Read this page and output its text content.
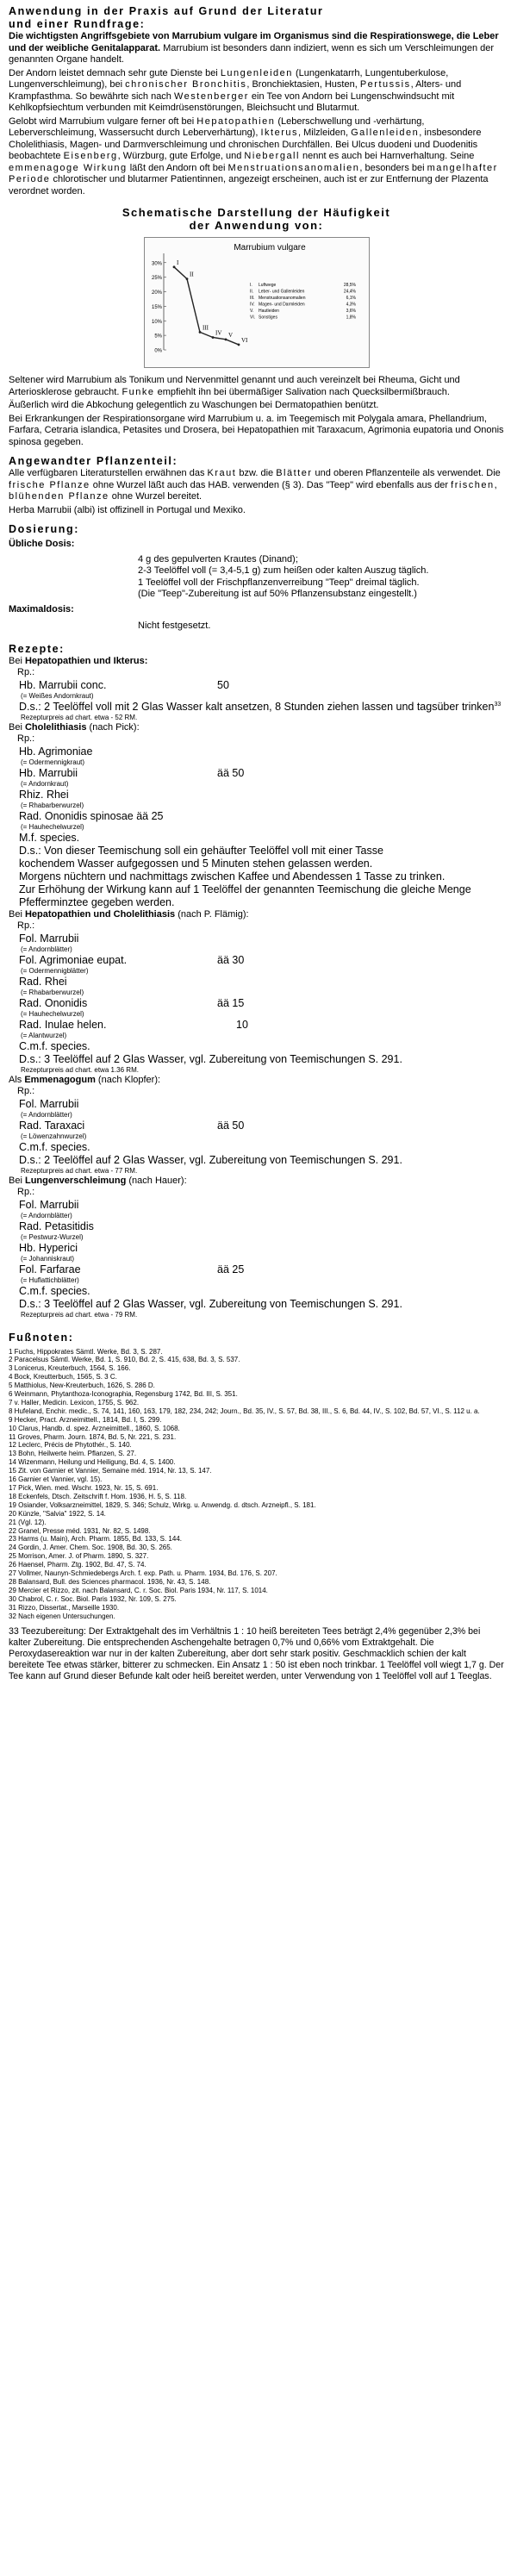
Anwendung in der Praxis auf Grund der Literatur
und einer Rundfrage:

Die wichtigsten Angriffsgebiete von Marrubium vulgare im Organismus sind die Respirationswege, die Leber und der weibliche Genitalapparat. Marrubium ist besonders dann indiziert, wenn es sich um Verschleimungen der genannten Organe handelt.

Der Andorn leistet demnach sehr gute Dienste bei Lungenleiden (Lungenkatarrh, Lungentuberkulose, Lungenverschleimung), bei chronischer Bronchitis, Bronchiektasien, Husten, Pertussis, Alters- und Krampfasthma. So bewährte sich nach Westenberger ein Tee von Andorn bei Lungenschwindsucht mit Kehlkopfsiechtum verbunden mit Keimdrüsenstörungen, Bleichsucht und Blutarmut.

Gelobt wird Marrubium vulgare ferner oft bei Hepatopathien (Leberschwellung und -verhärtung, Leberverschleimung, Wassersucht durch Leberverhärtung), Ikterus, Milzleiden, Gallenleiden, insbesondere Cholelithiasis, Magen- und Darmverschleimung und chronischen Durchfällen. Bei Ulcus duodeni und Duodenitis beobachtete Eisenberg, Würzburg, gute Erfolge, und Niebergall nennt es auch bei Harnverhaltung. Seine emmenagoge Wirkung läßt den Andorn oft bei Menstruationsanomalien, besonders bei mangelhafter Periode chlorotischer und blutarmer Patientinnen, angezeigt erscheinen, auch ist er zur Entfernung der Plazenta verordnet worden.

Schematische Darstellung der Häufigkeit
der Anwendung von:
Marrubium vulgare
30%
25%
20%
15%
10%
5%
0%
I
II
III
IV V
VI
I. Luftwege	28,5%
II. Leber- und Gallenleiden	24,4%
III. Menstruationsanomalien	6,1%
IV. Magen- und Darmleiden	4,3%
V. Hautleiden	3,6%
VI. Sonstiges	1,8%

Seltener wird Marrubium als Tonikum und Nervenmittel genannt und auch vereinzelt bei Rheuma, Gicht und Arteriosklerose gebraucht. Funke empfiehlt ihn bei übermäßiger Salivation nach Quecksilbermißbrauch.

Äußerlich wird die Abkochung gelegentlich zu Waschungen bei Dermatopathien benützt.

Bei Erkrankungen der Respirationsorgane wird Marrubium u. a. im Teegemisch mit Polygala amara, Phellandrium, Farfara, Cetraria islandica, Petasites und Drosera, bei Hepatopathien mit Taraxacum, Agrimonia eupatoria und Ononis spinosa gegeben.

Angewandter Pflanzenteil:

Alle verfügbaren Literaturstellen erwähnen das Kraut bzw. die Blätter und oberen Pflanzenteile als verwendet. Die frische Pflanze ohne Wurzel läßt auch das HAB. verwenden (§ 3). Das "Teep" wird ebenfalls aus der frischen, blühenden Pflanze ohne Wurzel bereitet.

Herba Marrubii (albi) ist offizinell in Portugal und Mexiko.

Dosierung:
Übliche Dosis:
4 g des gepulverten Krautes (Dinand);
2-3 Teelöffel voll (= 3,4-5,1 g) zum heißen oder kalten Auszug täglich.
1 Teelöffel voll der Frischpflanzenverreibung "Teep" dreimal täglich.
(Die "Teep"-Zubereitung ist auf 50% Pflanzensubstanz eingestellt.)
Maximaldosis:
Nicht festgesetzt.
Rezepte:
Bei Hepatopathien und Ikterus:
Rp.:
Hb. Marrubii conc.	50
(= Weißes Andornkraut)
D.s.: 2 Teelöffel voll mit 2 Glas Wasser kalt ansetzen, 8 Stunden ziehen lassen und tagsüber trinken$^{33}$
Rezepturpreis ad chart. etwa - 52 RM.
Bei Cholelithiasis (nach Pick):
Rp.:
Hb. Agrimoniae
(= Odermennigkraut)
Hb. Marrubii	ää 50
(= Andornkraut)
Rhiz. Rhei
(= Rhabarberwurzel)
Rad. Ononidis spinosae ää 25
(= Hauhechelwurzel)
M.f. species.
D.s.: Von dieser Teemischung soll ein gehäufter Teelöffel voll mit einer Tasse
kochendem Wasser aufgegossen und 5 Minuten stehen gelassen werden.
Morgens nüchtern und nachmittags zwischen Kaffee und Abendessen 1 Tasse zu trinken.
Zur Erhöhung der Wirkung kann auf 1 Teelöffel der genannten Teemischung die gleiche Menge Pfefferminztee gegeben werden.
Bei Hepatopathien und Cholelithiasis (nach P. Flämig):
Rp.:
Fol. Marrubii
(= Andornblätter)
Fol. Agrimoniae eupat.	ää 30
(= Odermennigblätter)
Rad. Rhei
(= Rhabarberwurzel)
Rad. Ononidis	ää 15
(= Hauhechelwurzel)
Rad. Inulae helen.	10
(= Alantwurzel)
C.m.f. species.
D.s.: 3 Teelöffel auf 2 Glas Wasser, vgl. Zubereitung von Teemischungen S. 291.
Rezepturpreis ad chart. etwa 1.36 RM.
Als Emmenagogum (nach Klopfer):
Rp.:
Fol. Marrubii
(= Andornblätter)
Rad. Taraxaci	ää 50
(= Löwenzahnwurzel)
C.m.f. species.
D.s.: 2 Teelöffel auf 2 Glas Wasser, vgl. Zubereitung von Teemischungen S. 291.
Rezepturpreis ad chart. etwa - 77 RM.
Bei Lungenverschleimung (nach Hauer):
Rp.:
Fol. Marrubii
(= Andornblätter)
Rad. Petasitidis
(= Pestwurz-Wurzel)
Hb. Hyperici
(= Johanniskraut)
Fol. Farfarae	ää 25
(= Huflattichblätter)
C.m.f. species.
D.s.: 3 Teelöffel auf 2 Glas Wasser, vgl. Zubereitung von Teemischungen S. 291.
Rezepturpreis ad chart. etwa - 79 RM.
Fußnoten:
1 Fuchs, Hippokrates Sämtl. Werke, Bd. 3, S. 287.
2 Paracelsus Sämtl. Werke, Bd. 1, S. 910, Bd. 2, S. 415, 638, Bd. 3, S. 537.
3 Lonicerus, Kreuterbuch, 1564, S. 166.
4 Bock, Kreutterbuch, 1565, S. 3 C.
5 Matthiolus, New-Kreuterbuch, 1626, S. 286 D.
6 Weinmann, Phytanthoza-Iconographia, Regensburg 1742, Bd. III, S. 351.
7 v. Haller, Medicin. Lexicon, 1755, S. 962.
8 Hufeland, Enchir. medic., S. 74, 141, 160, 163, 179, 182, 234, 242; Journ., Bd. 35, IV., S. 57, Bd. 38, III., S. 6, Bd. 44, IV., S. 102, Bd. 57, VI., S. 112 u. a.
9 Hecker, Pract. Arzneimittell., 1814, Bd. I, S. 299.
10 Clarus, Handb. d. spez. Arzneimittell., 1860, S. 1068.
11 Groves, Pharm. Journ. 1874, Bd. 5, Nr. 221, S. 231.
12 Leclerc, Précis de Phytothér., S. 140.
13 Bohn, Heilwerte heim. Pflanzen, S. 27.
14 Wizenmann, Heilung und Heiligung, Bd. 4, S. 1400.
15 Zit. von Garnier et Vannier, Semaine méd. 1914, Nr. 13, S. 147.
16 Garnier et Vannier, vgl. 15).
17 Pick, Wien. med. Wschr. 1923, Nr. 15, S. 691.
18 Eckenfels, Dtsch. Zeitschrift f. Hom. 1936, H. 5, S. 118.
19 Osiander, Volksarzneimittel, 1829, S. 346; Schulz, Wirkg. u. Anwendg. d. dtsch. Arzneipfl., S. 181.
20 Künzle, "Salvia" 1922, S. 14.
21 (Vgl. 12).
22 Granel, Presse méd. 1931, Nr. 82, S. 1498.
23 Harms (u. Main), Arch. Pharm. 1855, Bd. 133, S. 144.
24 Gordin, J. Amer. Chem. Soc. 1908, Bd. 30, S. 265.
25 Morrison, Amer. J. of Pharm. 1890, S. 327.
26 Haensel, Pharm. Ztg. 1902, Bd. 47, S. 74.
27 Vollmer, Naunyn-Schmiedebergs Arch. f. exp. Path. u. Pharm. 1934, Bd. 176, S. 207.
28 Balansard, Bull. des Sciences pharmacol. 1936, Nr. 43, S. 148.
29 Mercier et Rizzo, zit. nach Balansard, C. r. Soc. Biol. Paris 1934, Nr. 117, S. 1014.
30 Chabrol, C. r. Soc. Biol. Paris 1932, Nr. 109, S. 275.
31 Rizzo, Dissertat., Marseille 1930.
32 Nach eigenen Untersuchungen.
33 Teezubereitung: Der Extraktgehalt des im Verhältnis 1 : 10 heiß bereiteten Tees beträgt 2,4% gegenüber 2,3% bei kalter Zubereitung. Die entsprechenden Aschengehalte betragen 0,7% und 0,66% vom Extraktgehalt. Die Peroxydasereaktion war nur in der kalten Zubereitung, aber dort sehr stark positiv. Geschmacklich schien der kalt bereitete Tee etwas stärker, bitterer zu schmecken. Ein Ansatz 1 : 50 ist eben noch trinkbar. 1 Teelöffel voll wiegt 1,7 g. Der Tee kann auf Grund dieser Befunde kalt oder heiß bereitet werden, unter Verwendung von 1 Teelöffel voll auf 1 Teeglas.
